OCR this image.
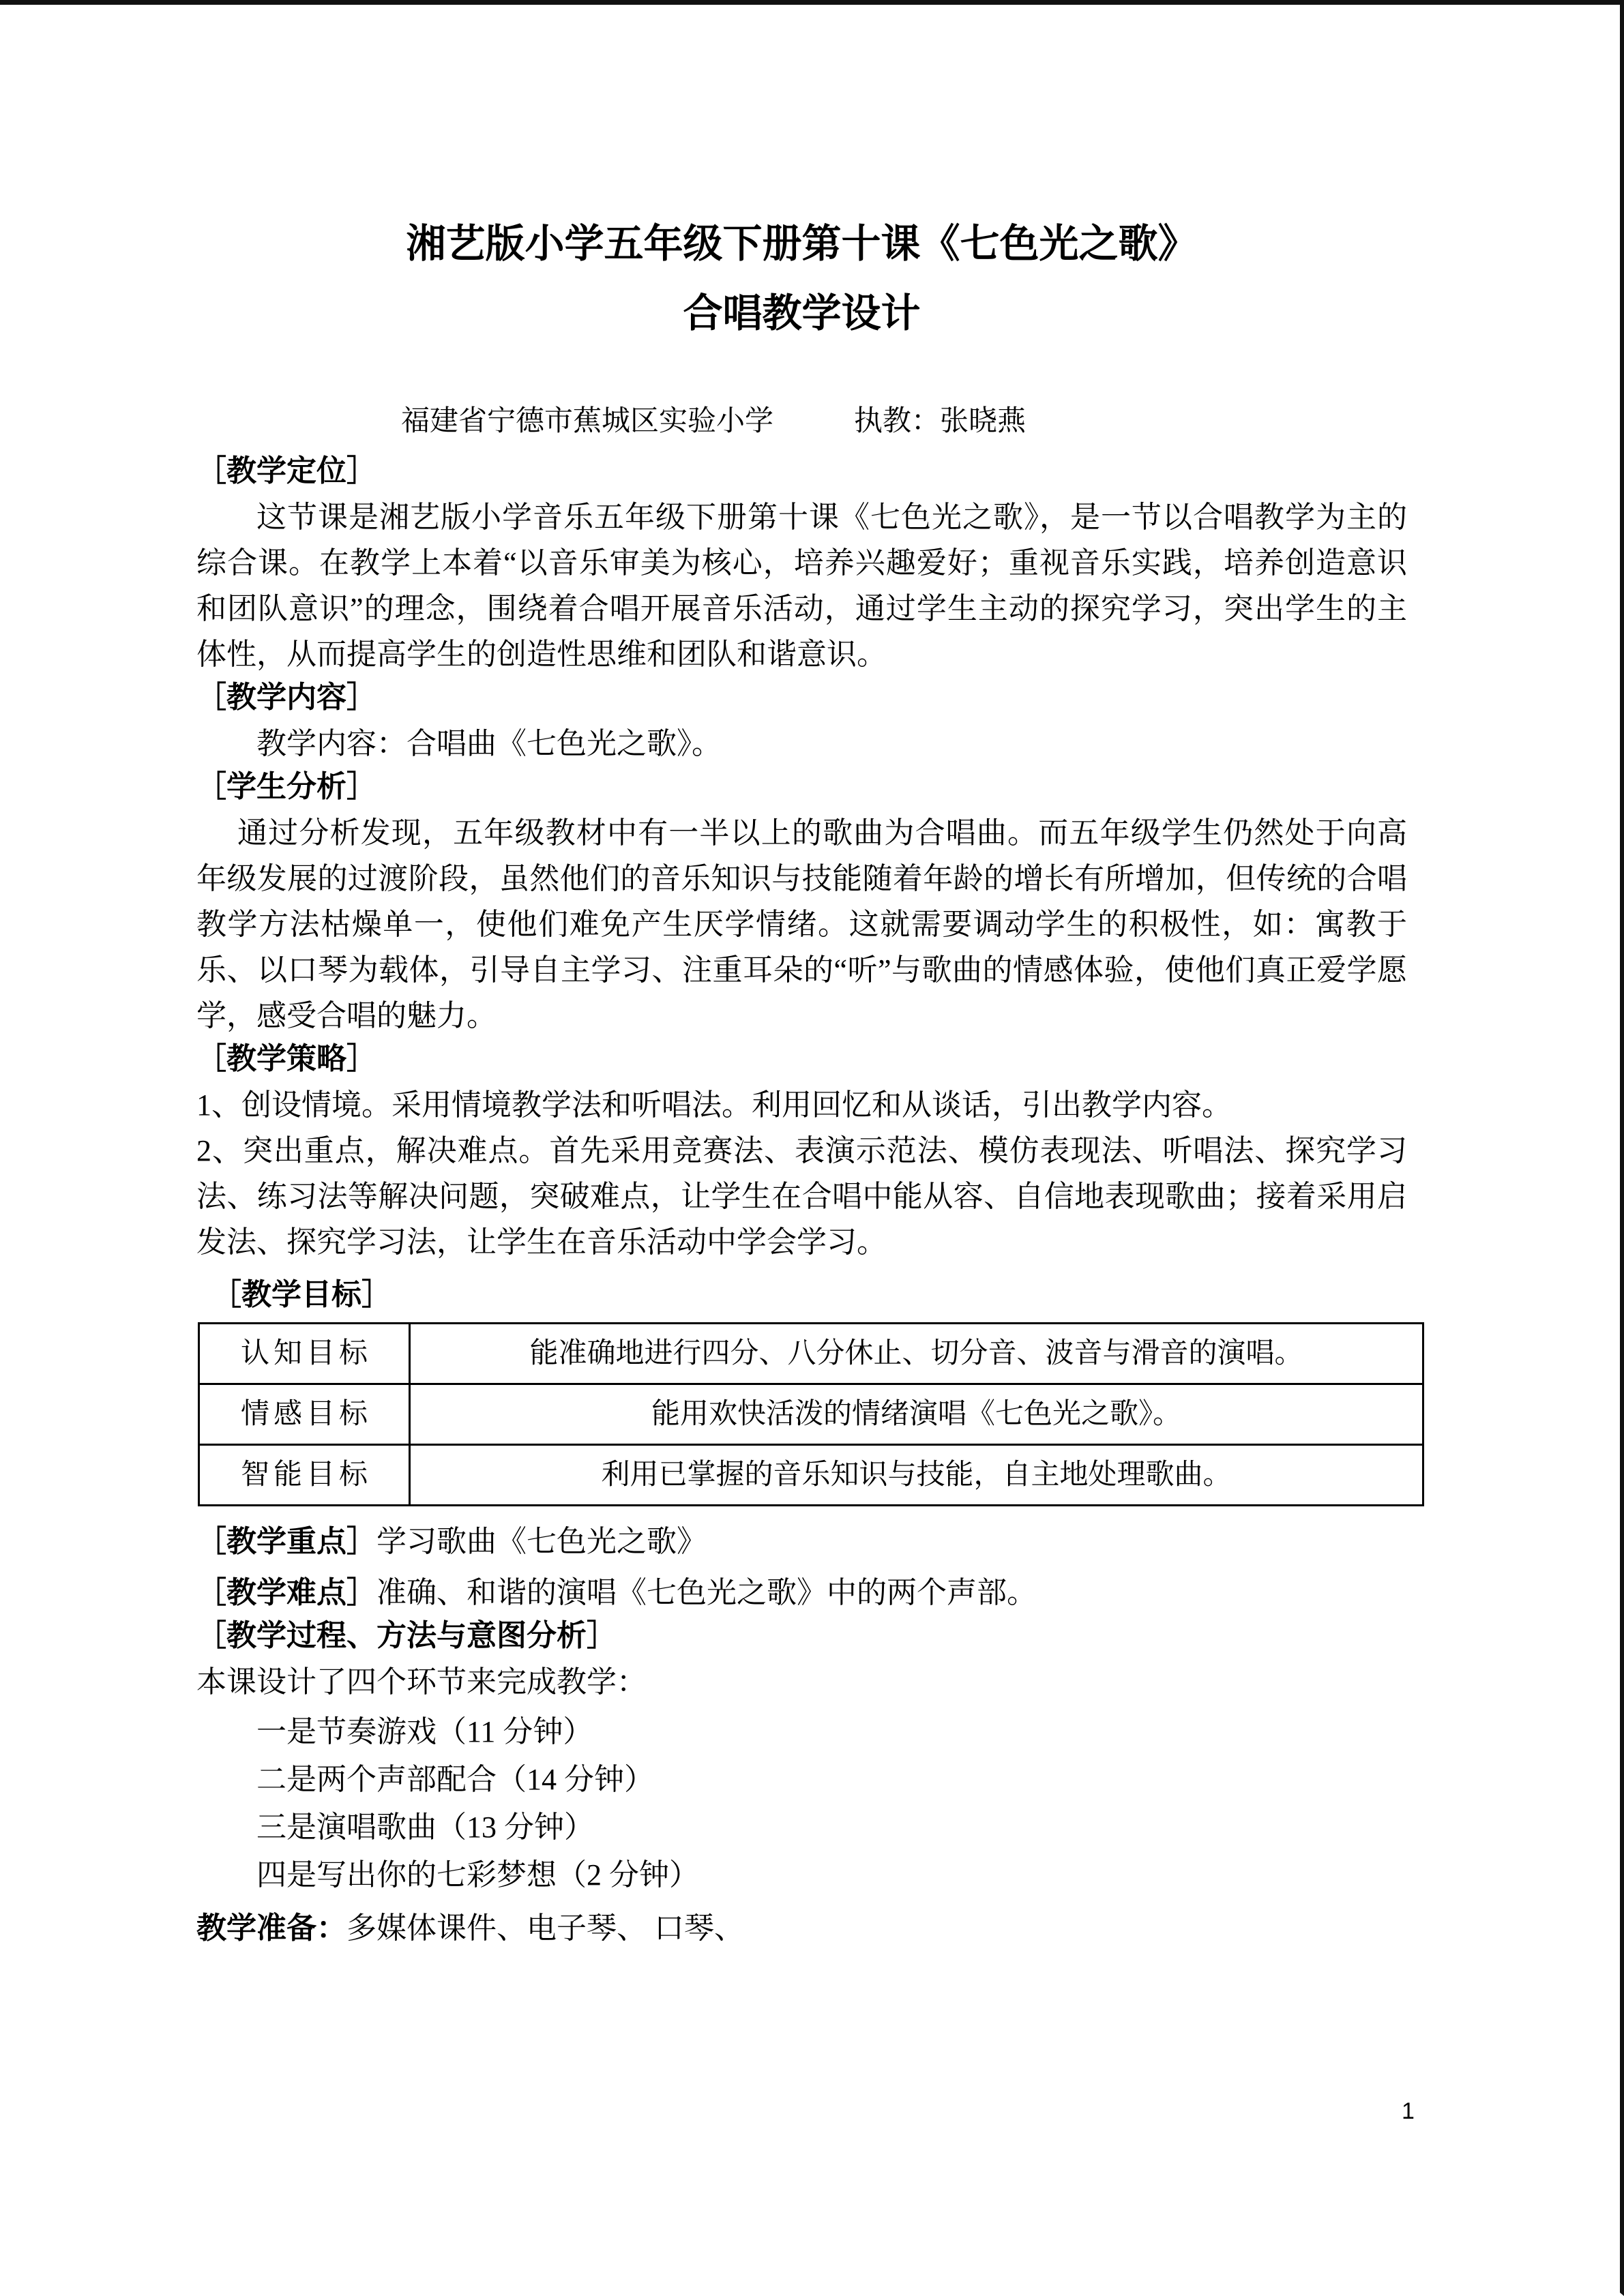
湘艺版小学五年级下册第十课《七色光之歌》
合唱教学设计
福建省宁德市蕉城区实验小学	执教：张晓燕
［教学定位］

这节课是湘艺版小学音乐五年级下册第十课《七色光之歌》，是一节以合唱教学为主的综合课。在教学上本着“以音乐审美为核心，培养兴趣爱好；重视音乐实践，培养创造意识和团队意识”的理念，围绕着合唱开展音乐活动，通过学生主动的探究学习，突出学生的主体性，从而提高学生的创造性思维和团队和谐意识。

［教学内容］

教学内容：合唱曲《七色光之歌》。

［学生分析］

通过分析发现，五年级教材中有一半以上的歌曲为合唱曲。而五年级学生仍然处于向高年级发展的过渡阶段，虽然他们的音乐知识与技能随着年龄的增长有所增加，但传统的合唱教学方法枯燥单一，使他们难免产生厌学情绪。这就需要调动学生的积极性，如：寓教于乐、以口琴为载体，引导自主学习、注重耳朵的“听”与歌曲的情感体验，使他们真正爱学愿学，感受合唱的魅力。

［教学策略］

1、创设情境。采用情境教学法和听唱法。利用回忆和从谈话，引出教学内容。

2、突出重点，解决难点。首先采用竞赛法、表演示范法、模仿表现法、听唱法、探究学习法、练习法等解决问题，突破难点，让学生在合唱中能从容、自信地表现歌曲；接着采用启发法、探究学习法，让学生在音乐活动中学会学习。

［教学目标］
认知目标	能准确地进行四分、八分休止、切分音、波音与滑音的演唱。
情感目标	能用欢快活泼的情绪演唱《七色光之歌》。
智能目标	利用已掌握的音乐知识与技能，自主地处理歌曲。

［教学重点］学习歌曲《七色光之歌》

［教学难点］准确、和谐的演唱《七色光之歌》中的两个声部。

［教学过程、方法与意图分析］

本课设计了四个环节来完成教学：

一是节奏游戏（11 分钟）
二是两个声部配合（14 分钟）
三是演唱歌曲（13 分钟）
四是写出你的七彩梦想（2 分钟）

教学准备：多媒体课件、电子琴、 口琴、

1
